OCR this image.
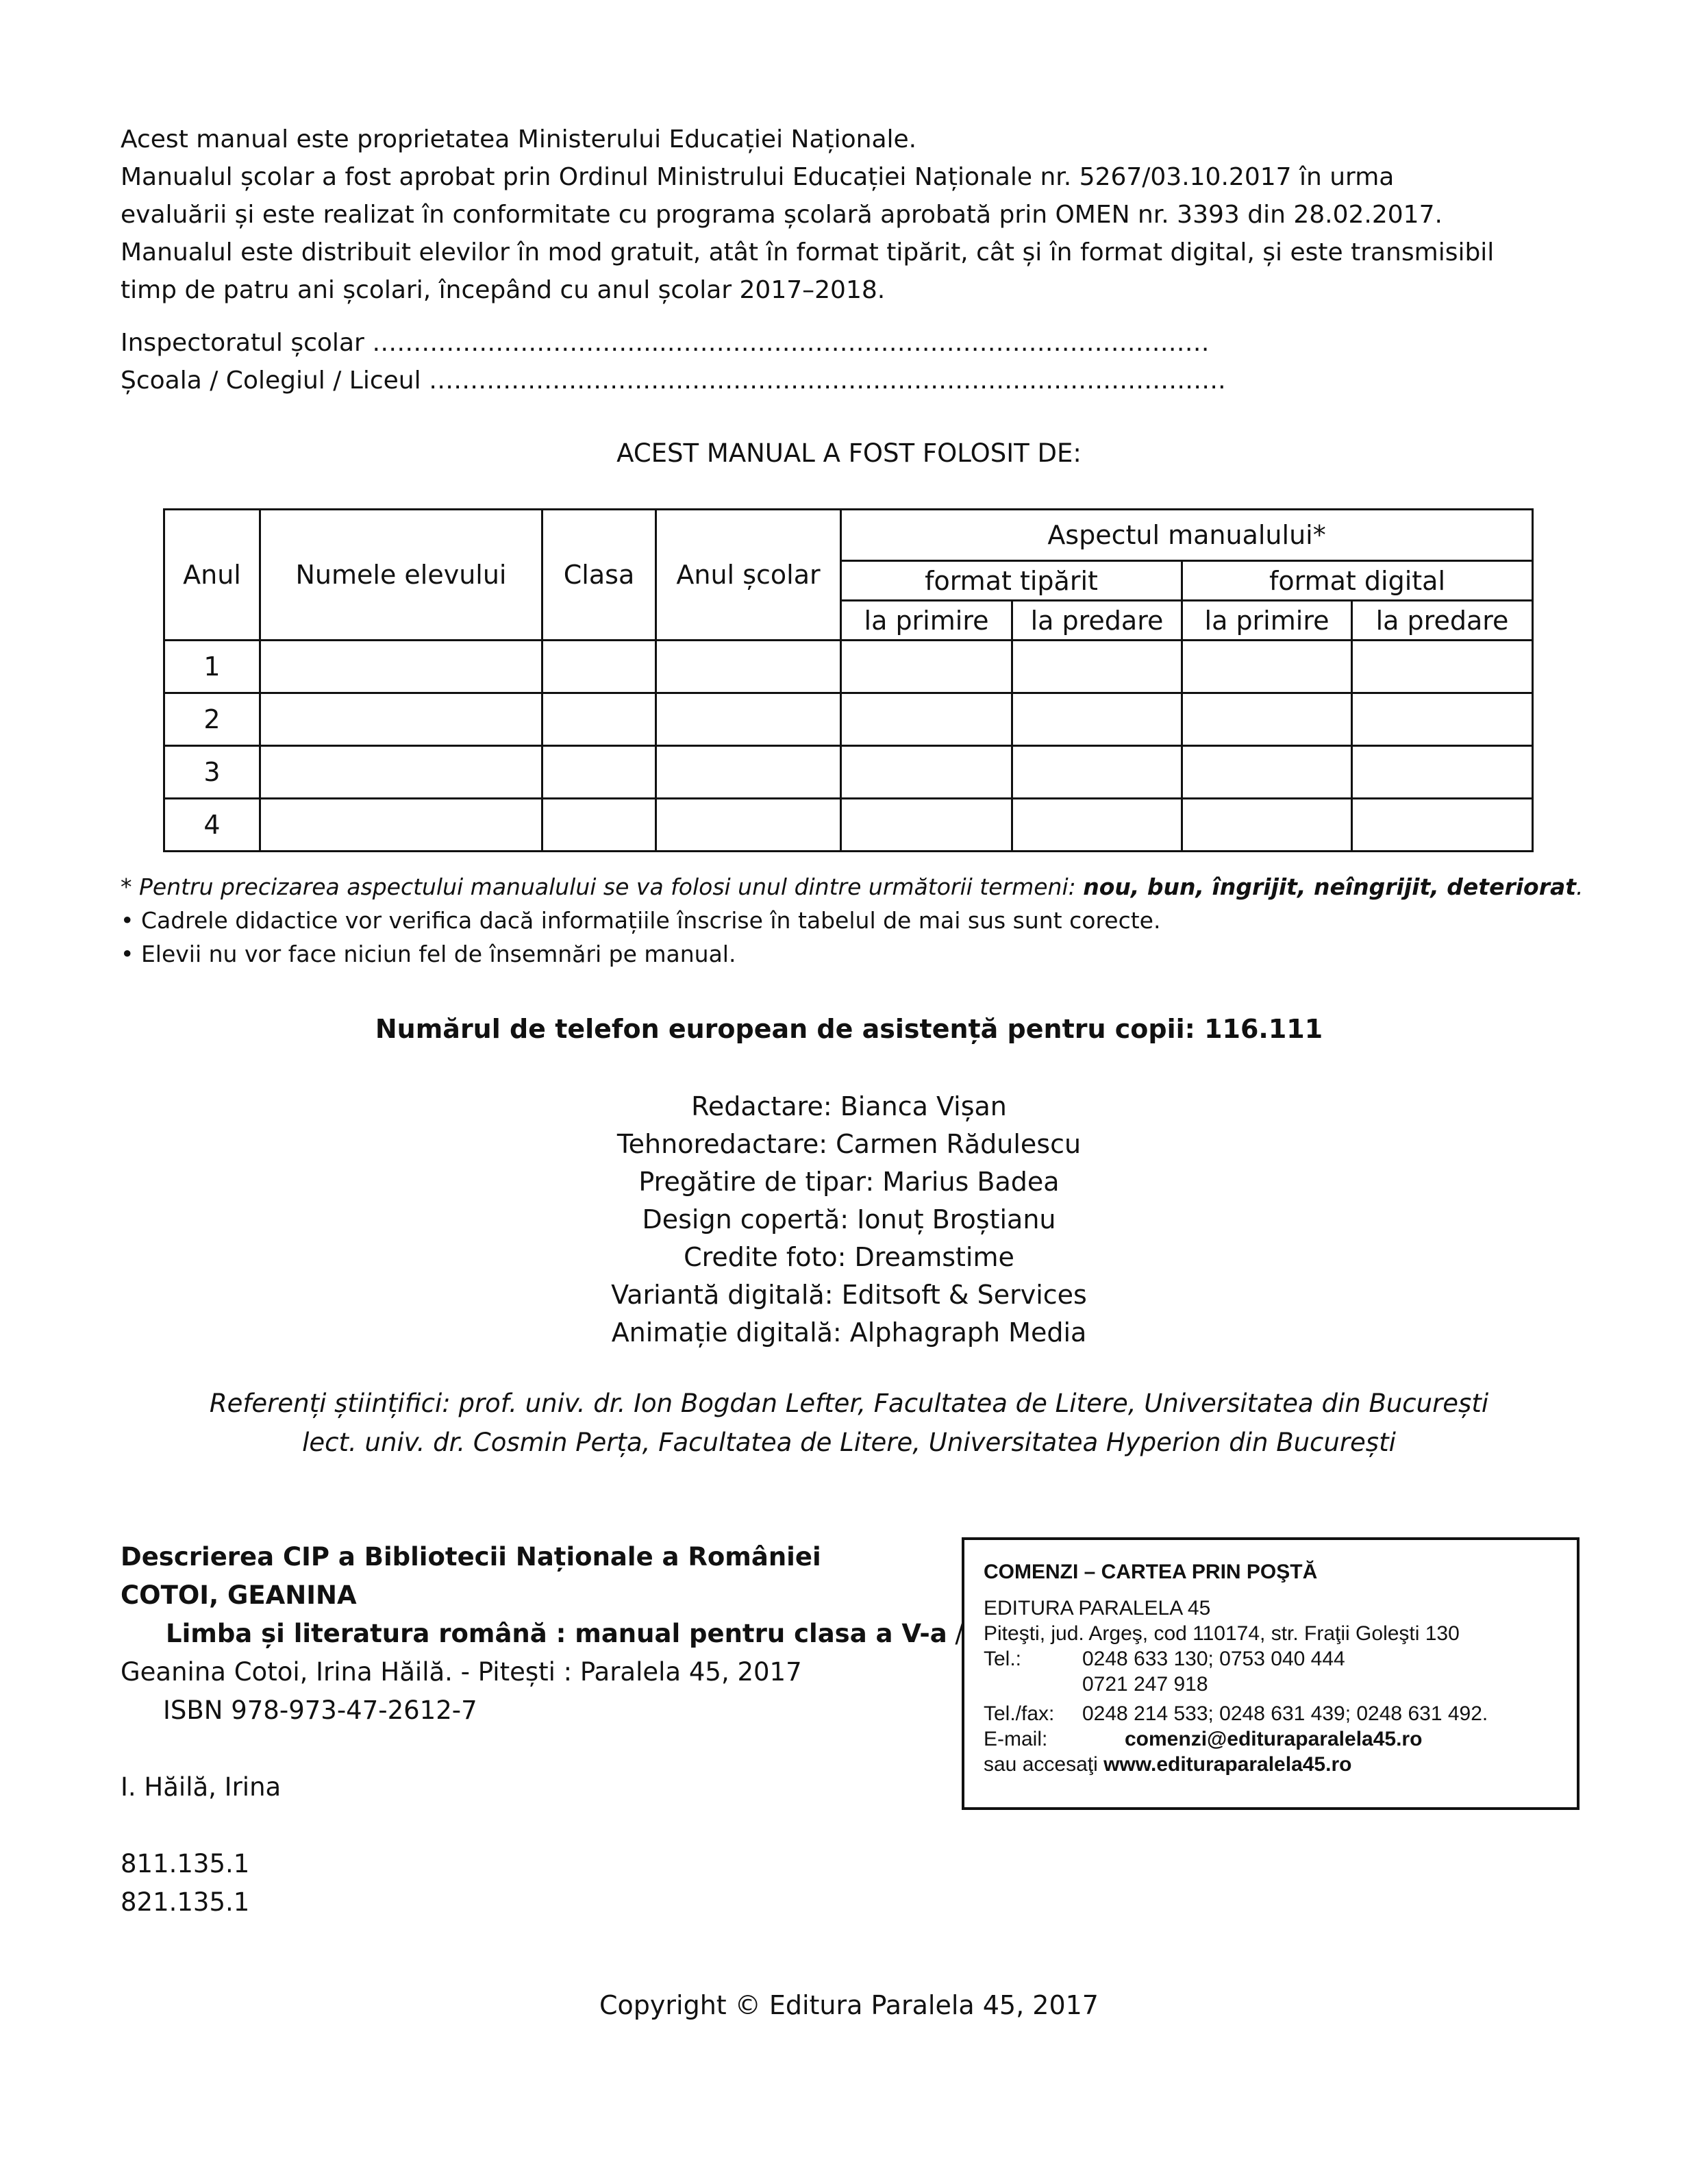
Acest manual este proprietatea Ministerului Educației Naționale.
Manualul școlar a fost aprobat prin Ordinul Ministrului Educației Naționale nr. 5267/03.10.2017 în urma
evaluării și este realizat în conformitate cu programa școlară aprobată prin OMEN nr. 3393 din 28.02.2017.
Manualul este distribuit elevilor în mod gratuit, atât în format tipărit, cât și în format digital, și este transmisibil
timp de patru ani școlari, începând cu anul școlar 2017–2018.
Inspectoratul școlar ……………………………...…………………………………………………………
Școala / Colegiul / Liceul …………………………………………………………………………………….
ACEST MANUAL A FOST FOLOSIT DE:
Anul	Numele elevului	Clasa	Anul școlar	Aspectul manualului*			
				format tipărit		format digital	
				la primire	la predare	la primire	la predare
1							
2							
3							
4							
* Pentru precizarea aspectului manualului se va folosi unul dintre următorii termeni: nou, bun, îngrijit, neîngrijit, deteriorat.
• Cadrele didactice vor verifica dacă informațiile înscrise în tabelul de mai sus sunt corecte.
• Elevii nu vor face niciun fel de însemnări pe manual.
Numărul de telefon european de asistență pentru copii: 116.111
Redactare: Bianca Vișan
Tehnoredactare: Carmen Rădulescu
Pregătire de tipar: Marius Badea
Design copertă: Ionuț Broștianu
Credite foto: Dreamstime
Variantă digitală: Editsoft & Services
Animație digitală: Alphagraph Media
Referenți științifici: prof. univ. dr. Ion Bogdan Lefter, Facultatea de Litere, Universitatea din București
lect. univ. dr. Cosmin Perța, Facultatea de Litere, Universitatea Hyperion din București
Descrierea CIP a Bibliotecii Naționale a României
COTOI, GEANINA
Limba și literatura română : manual pentru clasa a V-a /
Geanina Cotoi, Irina Hăilă. - Pitești : Paralela 45, 2017
ISBN 978-973-47-2612-7
I. Hăilă, Irina
811.135.1
821.135.1
COMENZI – CARTEA PRIN POŞTĂ
EDITURA PARALELA 45
Piteşti, jud. Argeş, cod 110174, str. Fraţii Goleşti 130
Tel.:	0248 633 130; 0753 040 444
0721 247 918
Tel./fax: 0248 214 533; 0248 631 439; 0248 631 492.
E-mail:	comenzi@edituraparalela45.ro
sau accesaţi www.edituraparalela45.ro
Copyright © Editura Paralela 45, 2017
